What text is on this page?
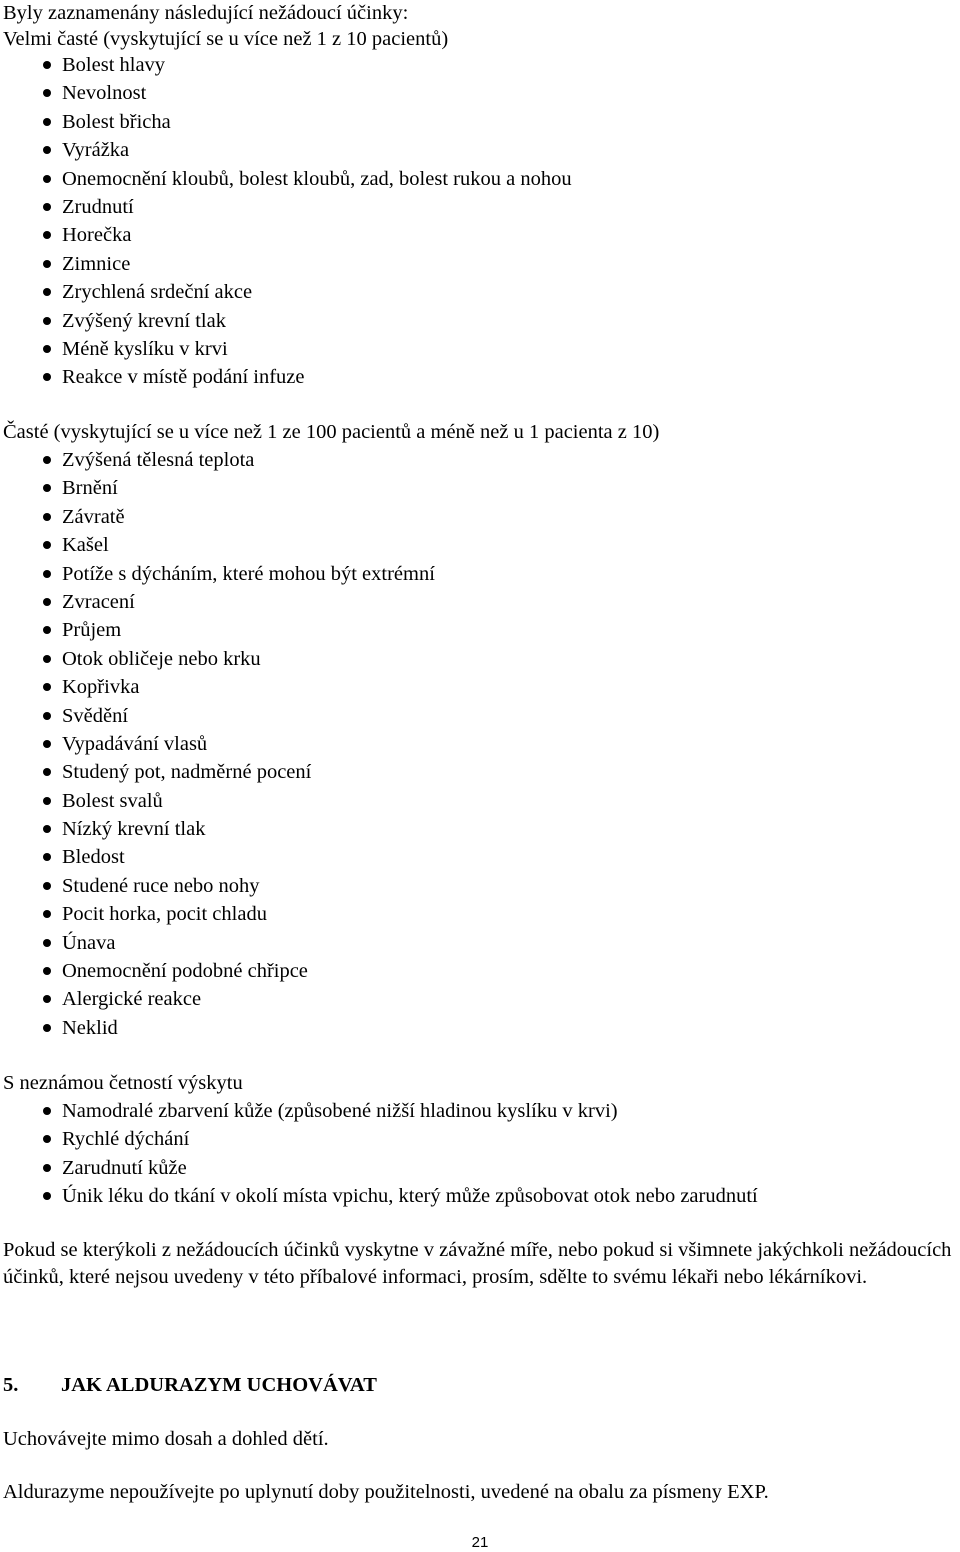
Byly zaznamenány následující nežádoucí účinky:
Velmi časté (vyskytující se u více než 1 z 10 pacientů)
Bolest hlavy
Nevolnost
Bolest břicha
Vyrážka
Onemocnění kloubů, bolest kloubů, zad, bolest rukou a nohou
Zrudnutí
Horečka
Zimnice
Zrychlená srdeční akce
Zvýšený krevní tlak
Méně kyslíku v krvi
Reakce v místě podání infuze
Časté (vyskytující se u více než 1 ze 100 pacientů a méně než u 1 pacienta z 10)
Zvýšená tělesná teplota
Brnění
Závratě
Kašel
Potíže s dýcháním, které mohou být extrémní
Zvracení
Průjem
Otok obličeje nebo krku
Kopřivka
Svědění
Vypadávání vlasů
Studený pot, nadměrné pocení
Bolest svalů
Nízký krevní tlak
Bledost
Studené ruce nebo nohy
Pocit horka, pocit chladu
Únava
Onemocnění podobné chřipce
Alergické reakce
Neklid
S neznámou četností výskytu
Namodralé zbarvení kůže (způsobené nižší hladinou kyslíku v krvi)
Rychlé dýchání
Zarudnutí kůže
Únik léku do tkání v okolí místa vpichu, který může způsobovat otok nebo zarudnutí

Pokud se kterýkoli z nežádoucích účinků vyskytne v závažné míře, nebo pokud si všimnete jakýchkoli nežádoucích účinků, které nejsou uvedeny v této příbalové informaci, prosím, sdělte to svému lékaři nebo lékárníkovi.

5. JAK ALDURAZYM UCHOVÁVAT
Uchovávejte mimo dosah a dohled dětí.
Aldurazyme nepoužívejte po uplynutí doby použitelnosti, uvedené na obalu za písmeny EXP.
21
